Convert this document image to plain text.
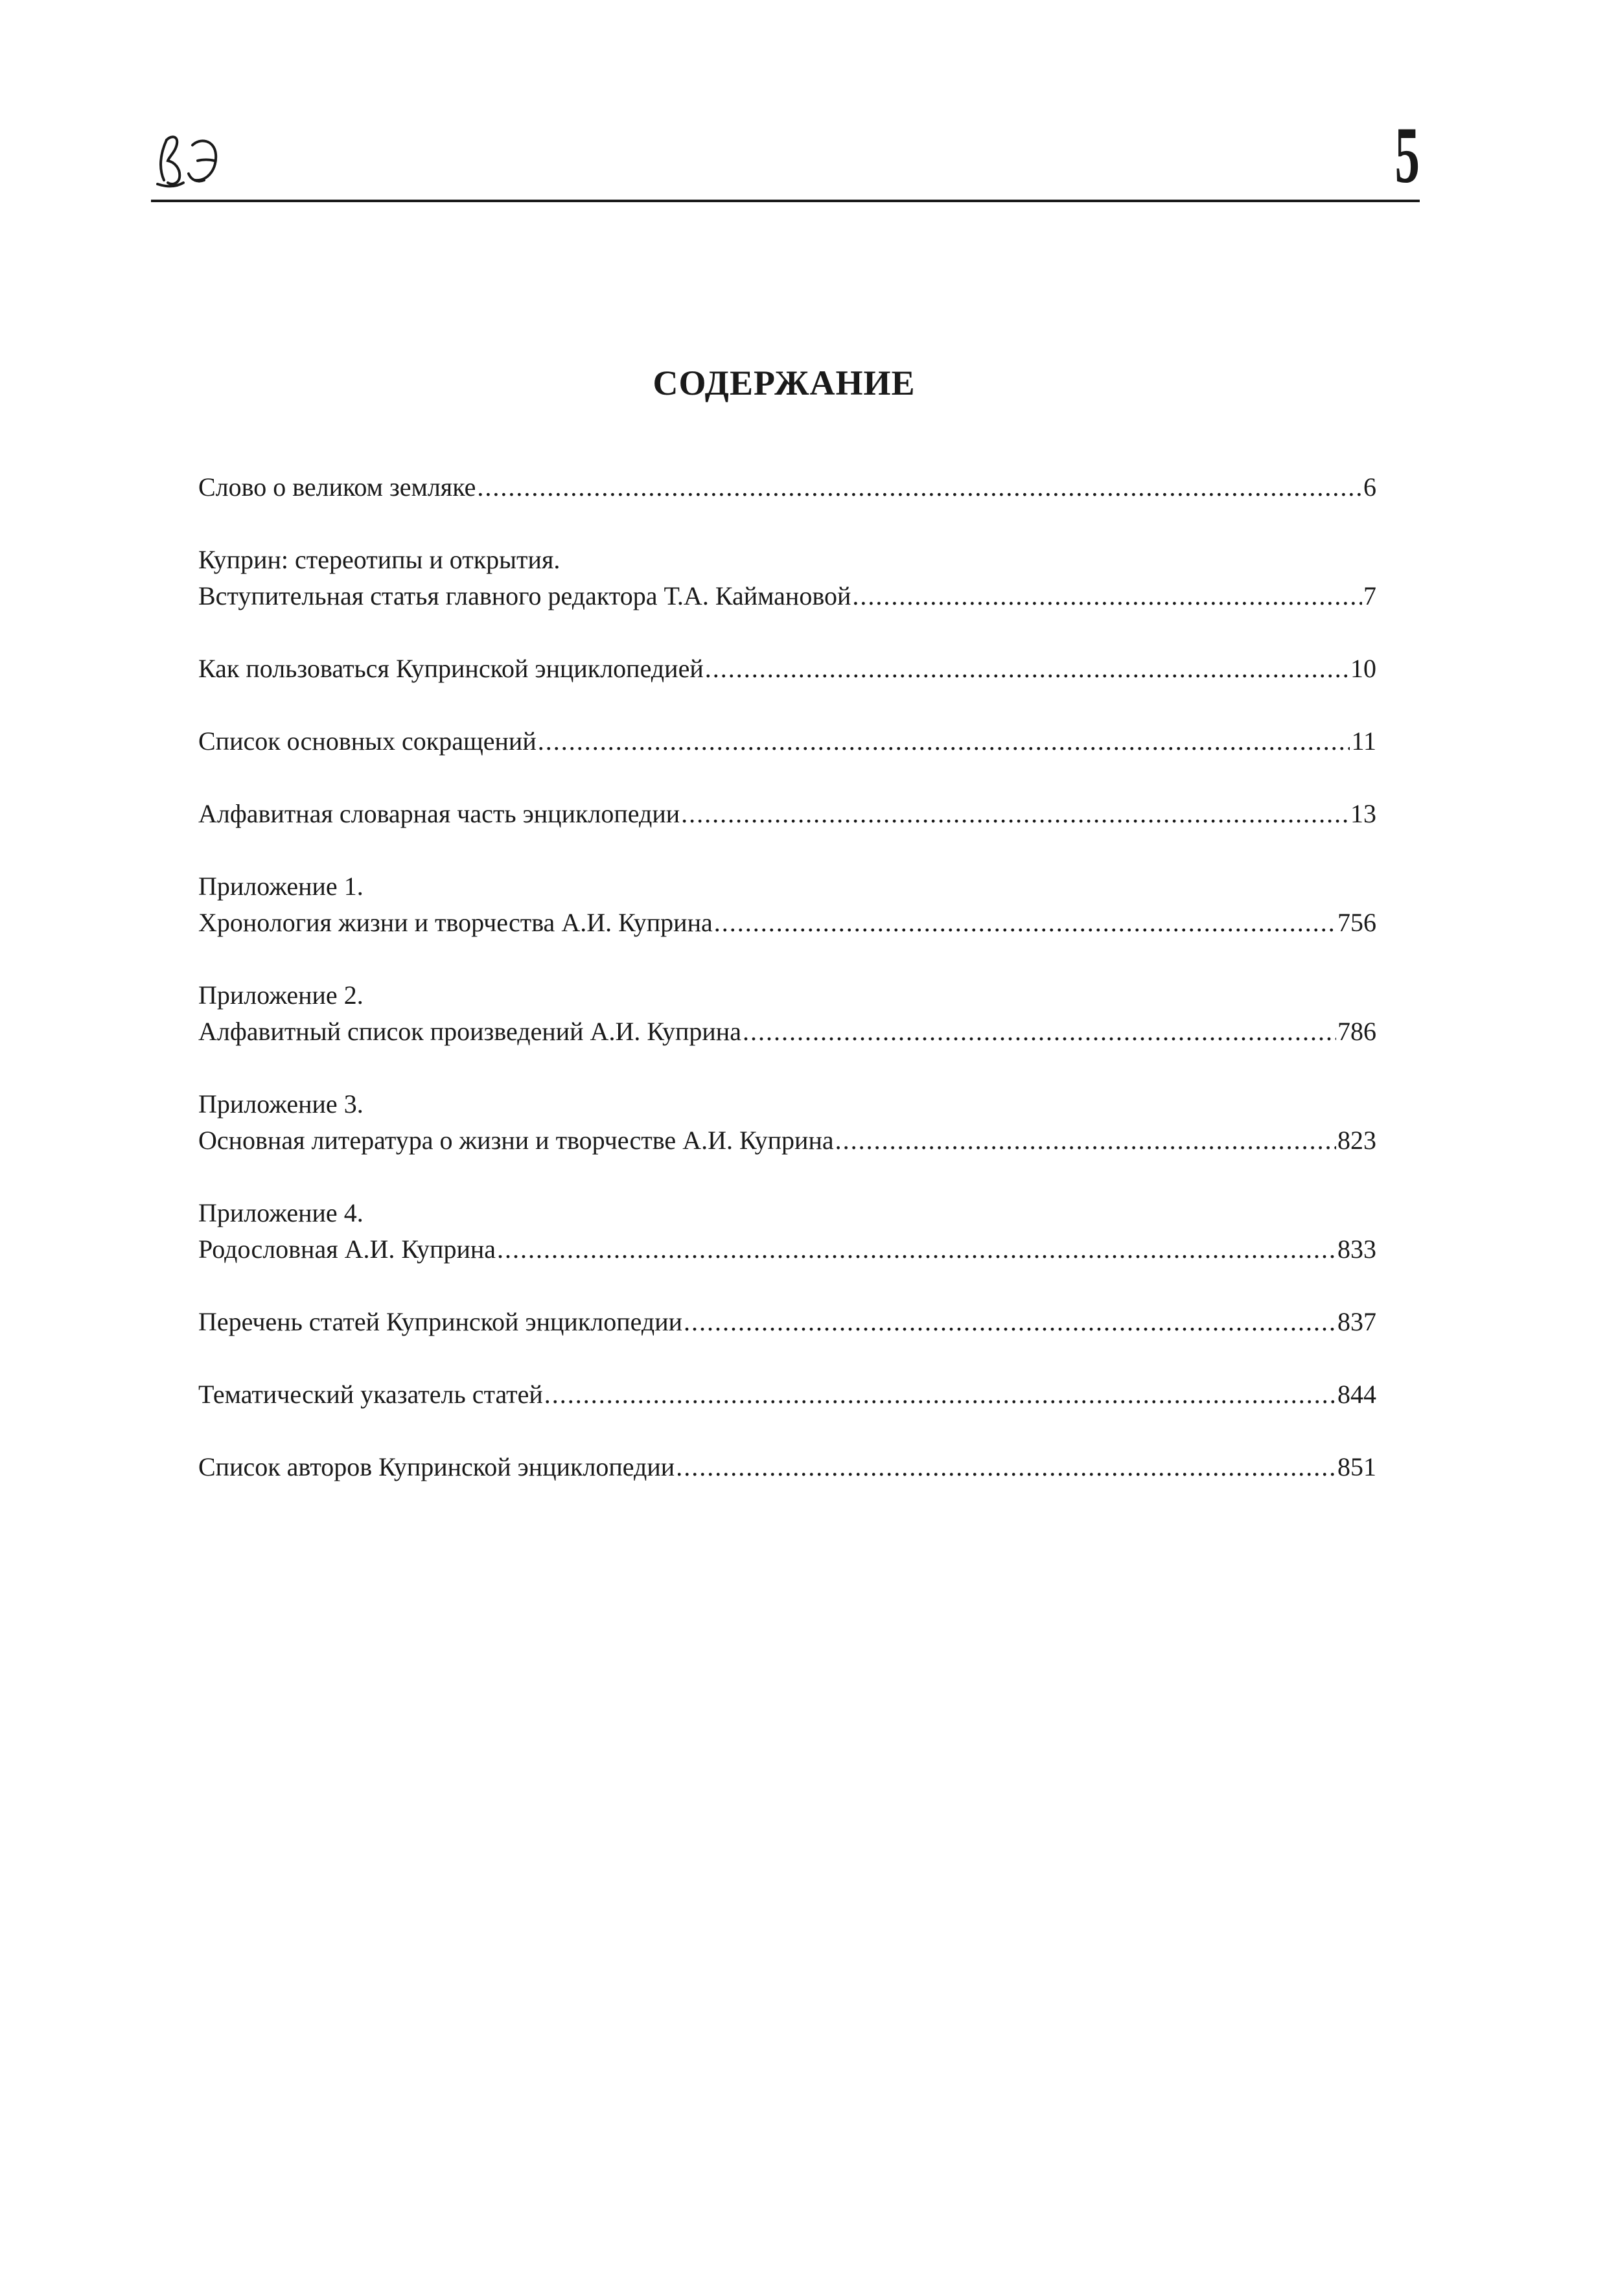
5
СОДЕРЖАНИЕ
Слово о великом земляке .....	6
Куприн: стереотипы и открытия.
Вступительная статья главного редактора Т.А. Каймановой .....	7
Как пользоваться Купринской энциклопедией .....	10
Список основных сокращений .....	11
Алфавитная словарная часть энциклопедии .....	13
Приложение 1.
Хронология жизни и творчества А.И. Куприна .....	756
Приложение 2.
Алфавитный список произведений А.И. Куприна .....	786
Приложение 3.
Основная литература о жизни и творчестве А.И. Куприна .....	823
Приложение 4.
Родословная А.И. Куприна .....	833
Перечень статей Купринской энциклопедии .....	837
Тематический указатель статей .....	844
Список авторов Купринской энциклопедии .....	851
